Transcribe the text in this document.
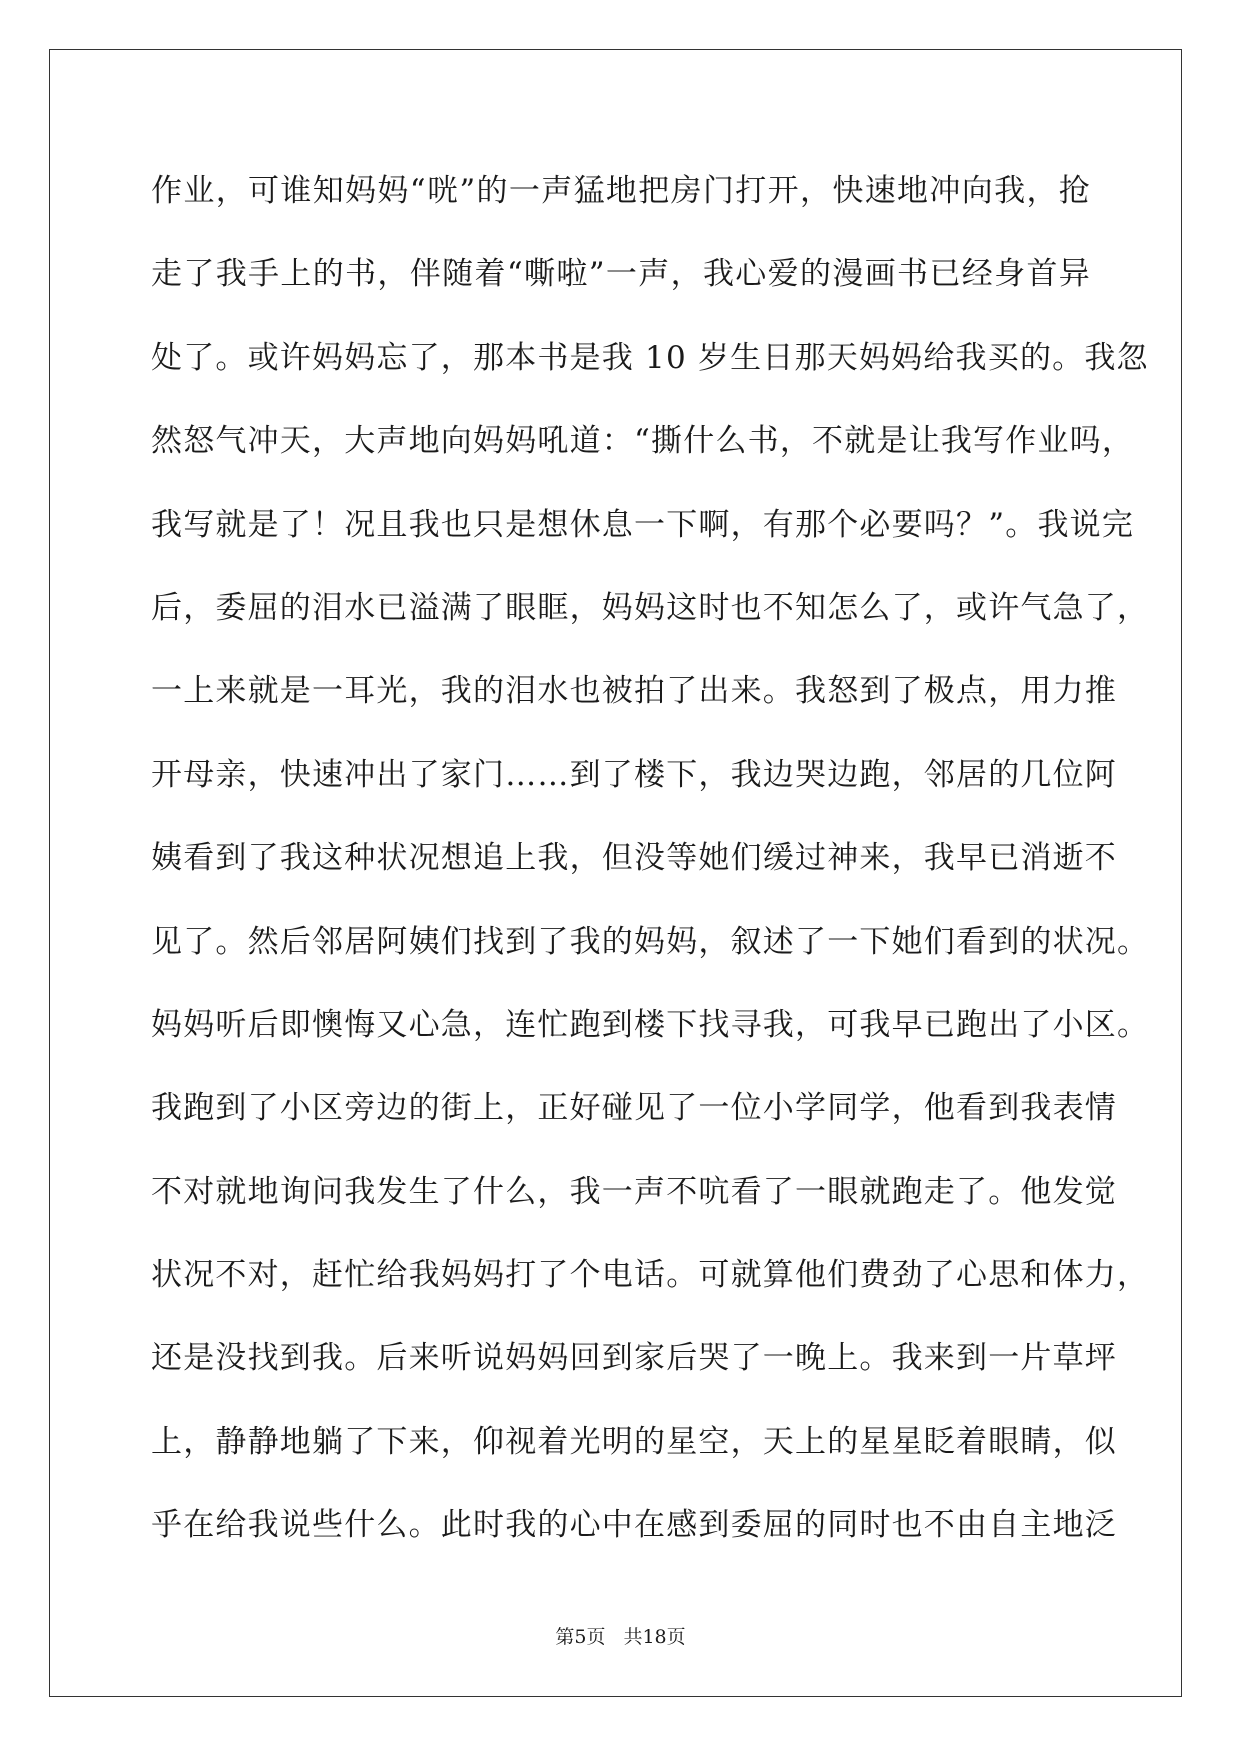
作业，可谁知妈妈“咣”的一声猛地把房门打开，快速地冲向我，抢
走了我手上的书，伴随着“嘶啦”一声，我心爱的漫画书已经身首异
处了。或许妈妈忘了，那本书是我 10 岁生日那天妈妈给我买的。我忽
然怒气冲天，大声地向妈妈吼道：“撕什么书，不就是让我写作业吗，
我写就是了！况且我也只是想休息一下啊，有那个必要吗？”。我说完
后，委屈的泪水已溢满了眼眶，妈妈这时也不知怎么了，或许气急了，
一上来就是一耳光，我的泪水也被拍了出来。我怒到了极点，用力推
开母亲，快速冲出了家门……到了楼下，我边哭边跑，邻居的几位阿
姨看到了我这种状况想追上我，但没等她们缓过神来，我早已消逝不
见了。然后邻居阿姨们找到了我的妈妈，叙述了一下她们看到的状况。
妈妈听后即懊悔又心急，连忙跑到楼下找寻我，可我早已跑出了小区。
我跑到了小区旁边的街上，正好碰见了一位小学同学，他看到我表情
不对就地询问我发生了什么，我一声不吭看了一眼就跑走了。他发觉
状况不对，赶忙给我妈妈打了个电话。可就算他们费劲了心思和体力，
还是没找到我。后来听说妈妈回到家后哭了一晚上。我来到一片草坪
上，静静地躺了下来，仰视着光明的星空，天上的星星眨着眼睛，似
乎在给我说些什么。此时我的心中在感到委屈的同时也不由自主地泛
第5页 共18页
